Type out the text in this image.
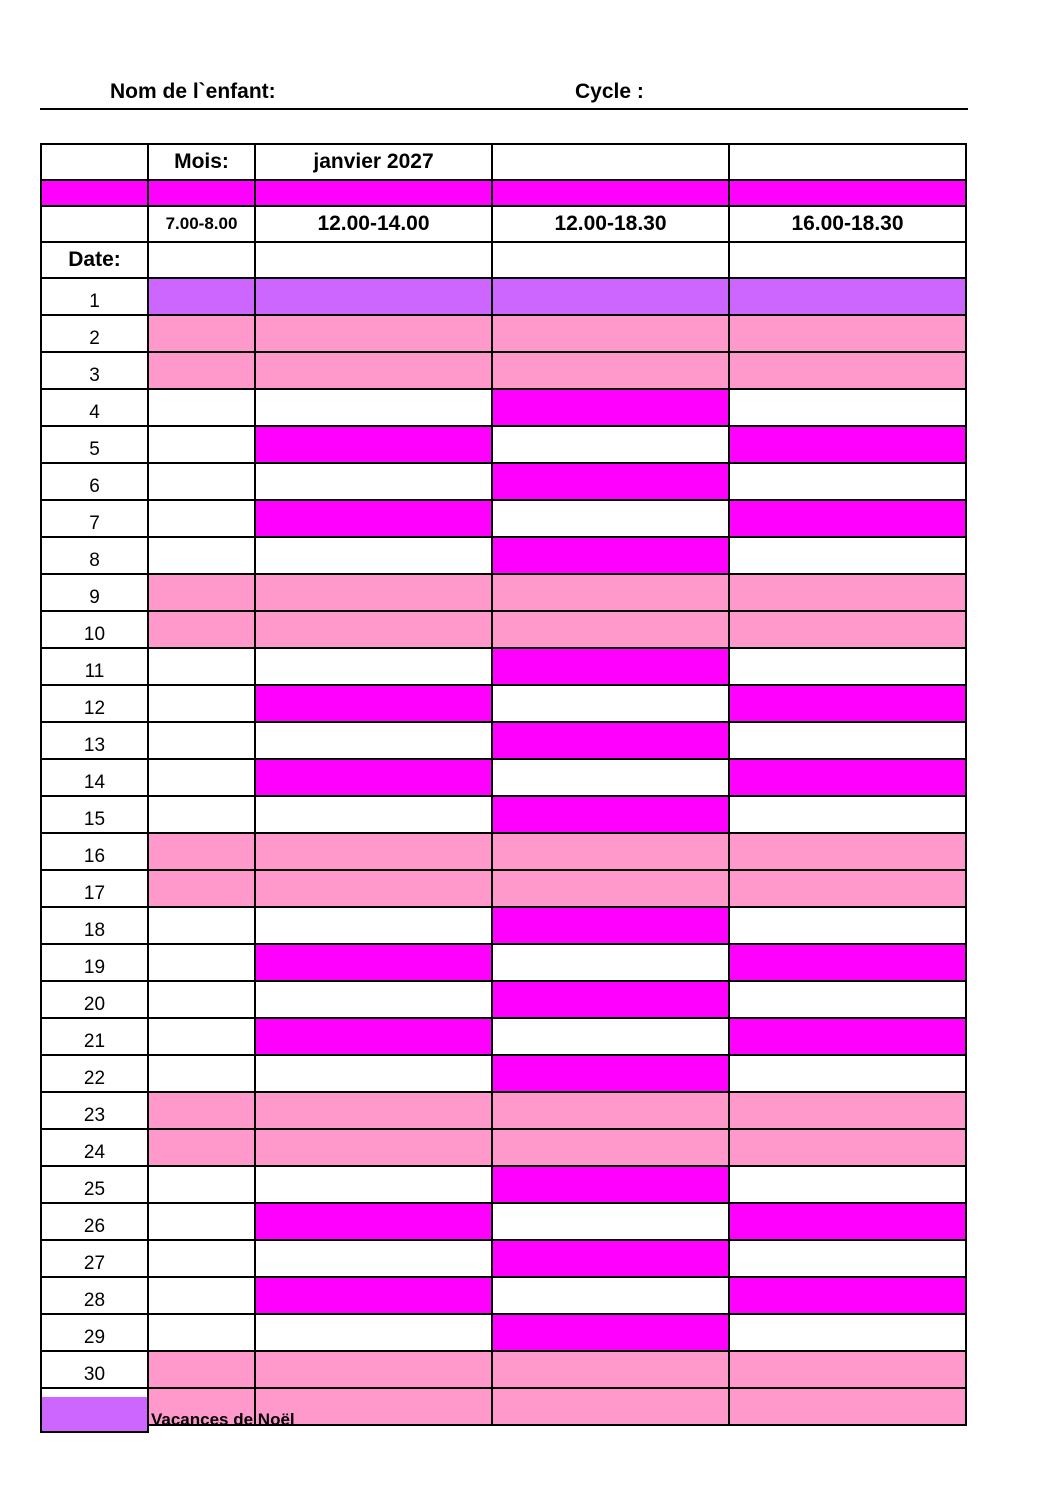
Nom de l`enfant:	Cycle :
	Mois:	janvier 2027		

	7.00-8.00	12.00-14.00	12.00-18.30	16.00-18.30
Date:				
1				
2				
3				
4				
5				
6				
7				
8				
9				
10				
11				
12				
13				
14				
15				
16				
17				
18				
19				
20				
21				
22				
23				
24				
25				
26				
27				
28				
29				
30				

Vacances de Noël
